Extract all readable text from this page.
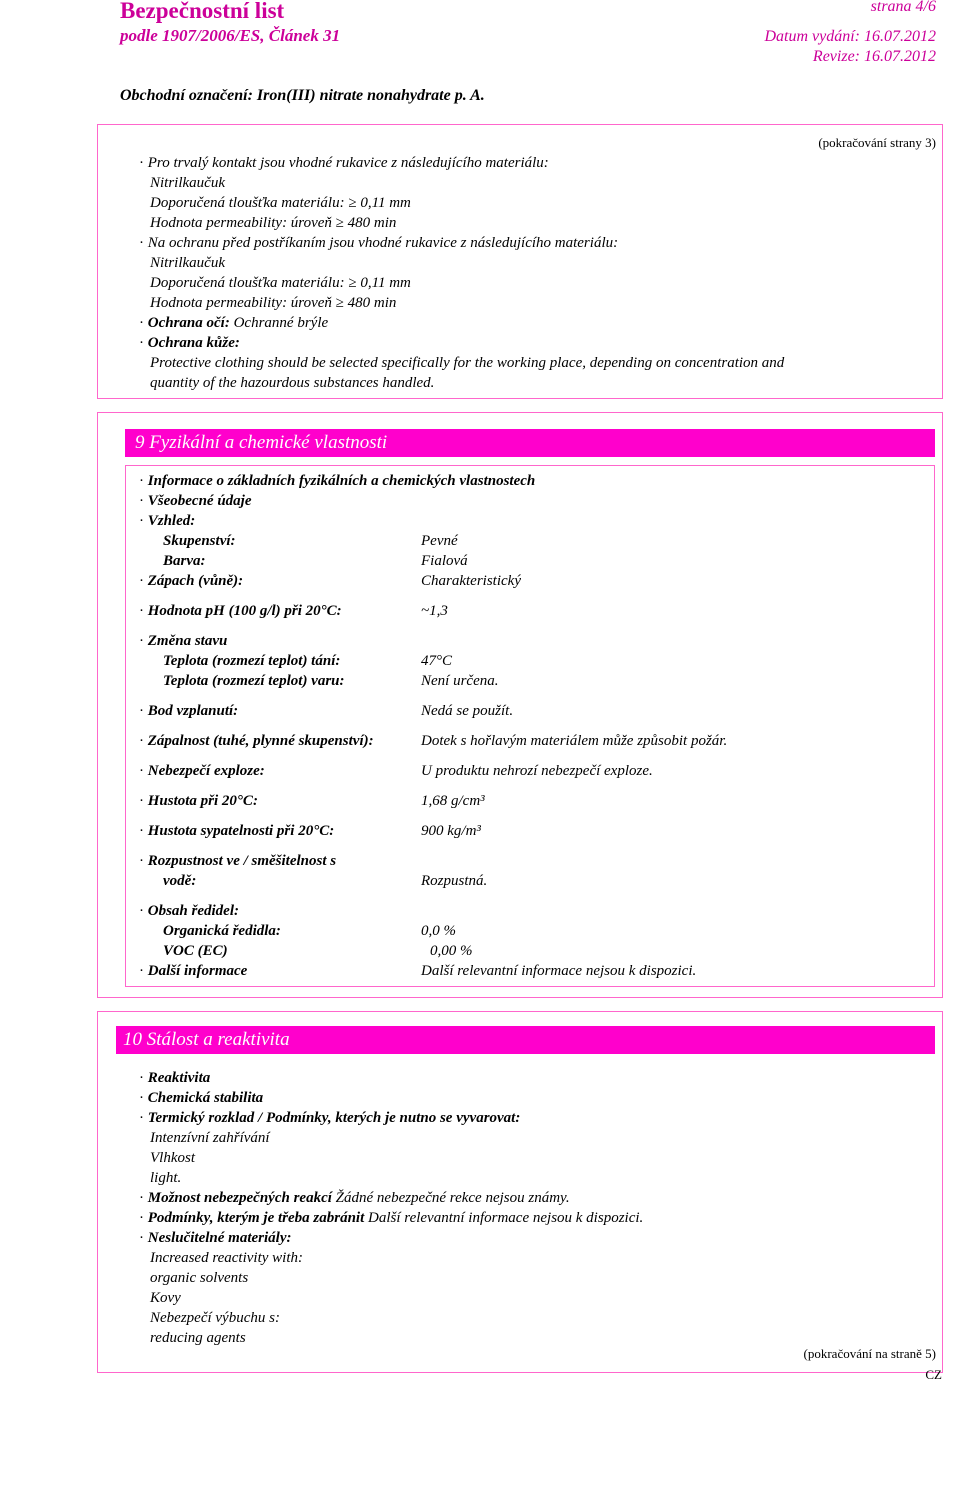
Bezpečnostní list
podle 1907/2006/ES, Článek 31
strana 4/6
Datum vydání: 16.07.2012
Revize: 16.07.2012
Obchodní označení: Iron(III) nitrate nonahydrate p. A.
(pokračování strany 3)
· Pro trvalý kontakt jsou vhodné rukavice z následujícího materiálu:
Nitrilkaučuk
Doporučená tloušťka materiálu: ≥ 0,11 mm
Hodnota permeability: úroveň ≥ 480 min
· Na ochranu před postříkaním jsou vhodné rukavice z následujícího materiálu:
Nitrilkaučuk
Doporučená tloušťka materiálu: ≥ 0,11 mm
Hodnota permeability: úroveň ≥ 480 min
· Ochrana očí: Ochranné brýle
· Ochrana kůže:
Protective clothing should be selected specifically for the working place, depending on concentration and
quantity of the hazourdous substances handled.
9 Fyzikální a chemické vlastnosti
· Informace o základních fyzikálních a chemických vlastnostech
· Všeobecné údaje
· Vzhled:
Skupenství:	Pevné
Barva:	Fialová
· Zápach (vůně):	Charakteristický
· Hodnota pH (100 g/l) při 20°C:	~1,3
· Změna stavu
Teplota (rozmezí teplot) tání:	47°C
Teplota (rozmezí teplot) varu:	Není určena.
· Bod vzplanutí:	Nedá se použít.
· Zápalnost (tuhé, plynné skupenství):	Dotek s hořlavým materiálem může způsobit požár.
· Nebezpečí exploze:	U produktu nehrozí nebezpečí exploze.
· Hustota při 20°C:	1,68 g/cm³
· Hustota sypatelnosti při 20°C:	900 kg/m³
· Rozpustnost ve / směšitelnost s
vodě:	Rozpustná.
· Obsah ředidel:
Organická ředidla:	0,0 %
VOC (EC)	0,00 %
· Další informace	Další relevantní informace nejsou k dispozici.
10 Stálost a reaktivita
· Reaktivita
· Chemická stabilita
· Termický rozklad / Podmínky, kterých je nutno se vyvarovat:
Intenzívní zahřívání
Vlhkost
light.
· Možnost nebezpečných reakcí Žádné nebezpečné rekce nejsou známy.
· Podmínky, kterým je třeba zabránit Další relevantní informace nejsou k dispozici.
· Neslučitelné materiály:
Increased reactivity with:
organic solvents
Kovy
Nebezpečí výbuchu s:
reducing agents
(pokračování na straně 5)
CZ
